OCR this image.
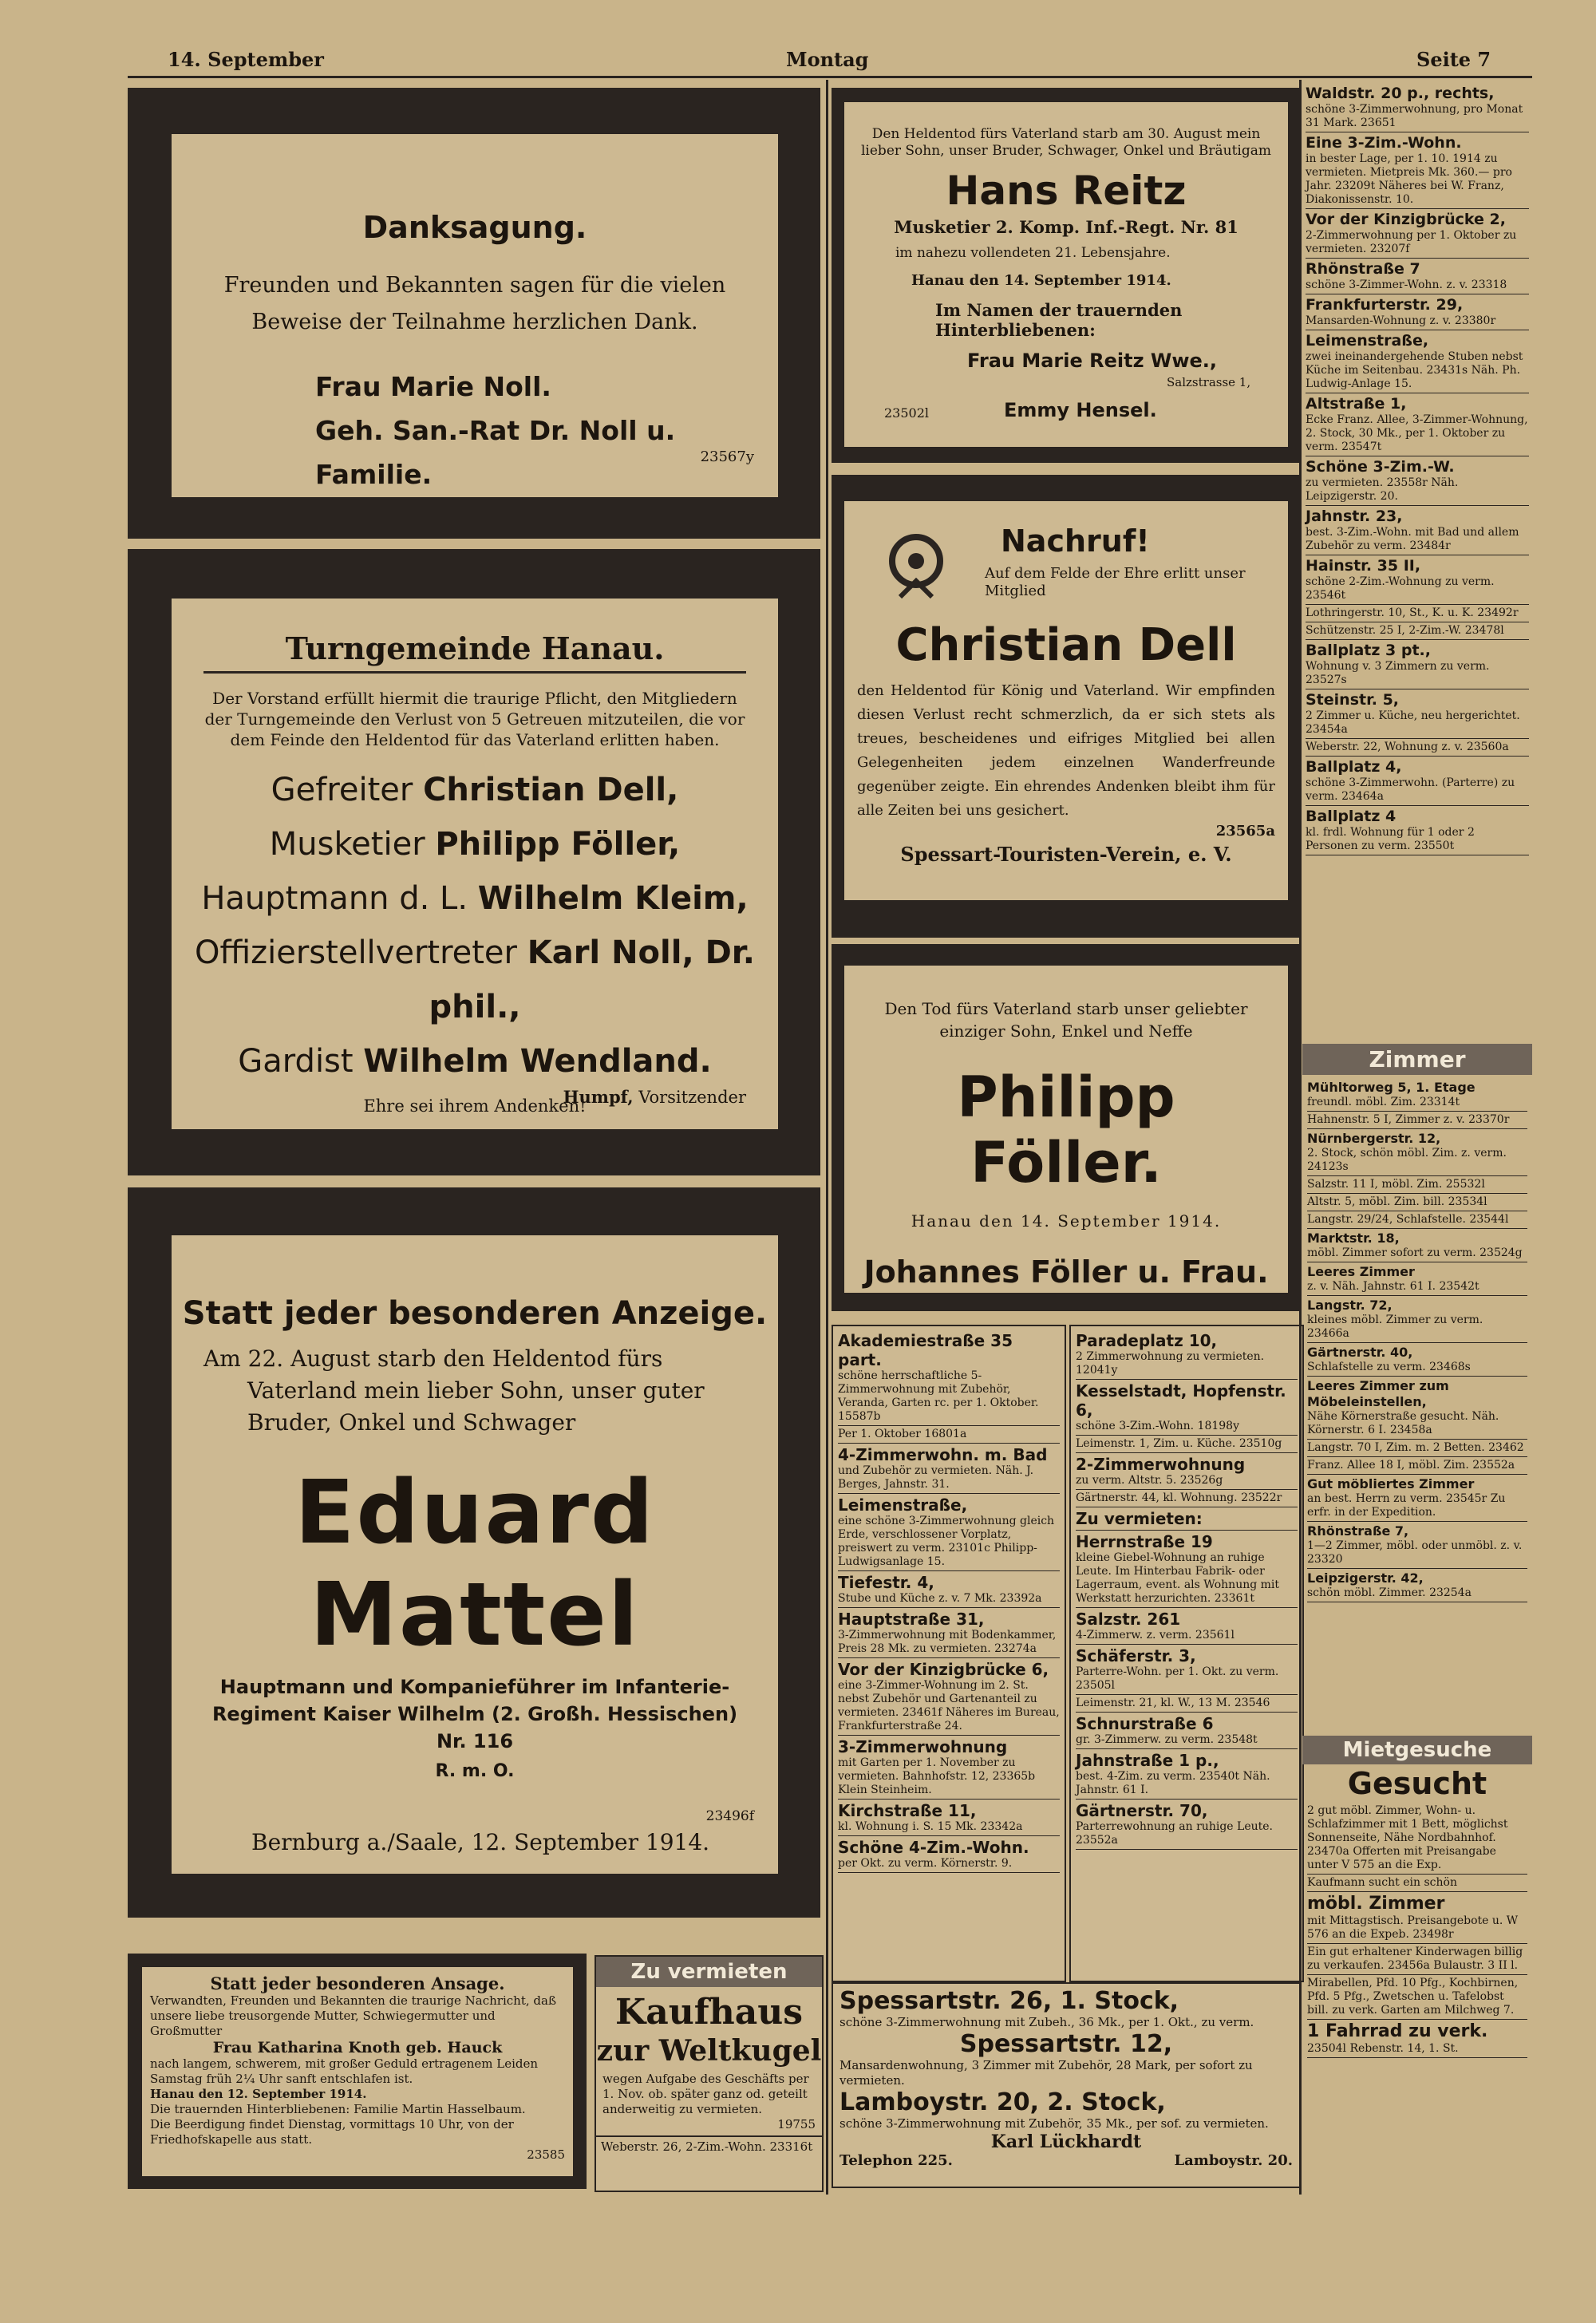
14. September	Montag	Seite 7
Danksagung.

Freunden und Bekannten sagen für die vielen Beweise der Teilnahme herzlichen Dank.

Frau Marie Noll.
Geh. San.-Rat Dr. Noll u. Familie.
23567y
Turngemeinde Hanau.

Der Vorstand erfüllt hiermit die traurige Pflicht, den Mitgliedern der Turngemeinde den Verlust von 5 Getreuen mitzuteilen, die vor dem Feinde den Heldentod für das Vaterland erlitten haben.

Gefreiter Christian Dell,
Musketier Philipp Föller,
Hauptmann d. L. Wilhelm Kleim,
Offizierstellvertreter Karl Noll, Dr. phil.,
Gardist Wilhelm Wendland.
Ehre sei ihrem Andenken!
Humpf, Vorsitzender
Statt jeder besonderen Anzeige.

Am 22. August starb den Heldentod fürs Vaterland mein lieber Sohn, unser guter Bruder, Onkel und Schwager

Eduard Mattel

Hauptmann und Kompanieführer im Infanterie-Regiment Kaiser Wilhelm (2. Großh. Hessischen) Nr. 116

R. m. O.
Bernburg a./Saale, 12. September 1914.
23496f
Statt jeder besonderen Ansage.

Verwandten, Freunden und Bekannten die traurige Nachricht, daß unsere liebe treusorgende Mutter, Schwiegermutter und Großmutter

Frau Katharina Knoth geb. Hauck

nach langem, schwerem, mit großer Geduld ertragenem Leiden Samstag früh 2¼ Uhr sanft entschlafen ist.

Hanau den 12. September 1914.

Die trauernden Hinterbliebenen: Familie Martin Hasselbaum.

Die Beerdigung findet Dienstag, vormittags 10 Uhr, von der Friedhofskapelle aus statt.

23585
Zu vermieten
Kaufhaus
zur Weltkugel

wegen Aufgabe des Geschäfts per 1. Nov. ob. später ganz od. geteilt anderweitig zu vermieten.

19755
Weberstr. 26, 2-Zim.-Wohn. 23316t

Den Heldentod fürs Vaterland starb am 30. August mein lieber Sohn, unser Bruder, Schwager, Onkel und Bräutigam

Hans Reitz
Musketier 2. Komp. Inf.-Regt. Nr. 81
im nahezu vollendeten 21. Lebensjahre.
Hanau den 14. September 1914.
Im Namen der trauernden Hinterbliebenen:
Frau Marie Reitz Wwe.,
Salzstrasse 1,
23502l	Emmy Hensel.
Nachruf!
Auf dem Felde der Ehre erlitt unser Mitglied
Christian Dell

den Heldentod für König und Vaterland. Wir empfinden diesen Verlust recht schmerzlich, da er sich stets als treues, bescheidenes und eifriges Mitglied bei allen Gelegenheiten jedem einzelnen Wanderfreunde gegenüber zeigte. Ein ehrendes Andenken bleibt ihm für alle Zeiten bei uns gesichert.

23565a
Spessart-Touristen-Verein, e. V.

Den Tod fürs Vaterland starb unser geliebter einziger Sohn, Enkel und Neffe

Philipp Föller.
Hanau den 14. September 1914.
Johannes Föller u. Frau.
Akademiestraße 35 part.
schöne herrschaftliche 5-Zimmerwohnung mit Zubehör, Veranda, Garten rc. per 1. Oktober. 15587b
Per 1. Oktober 16801a
4-Zimmerwohn. m. Bad
und Zubehör zu vermieten. Näh. J. Berges, Jahnstr. 31.
Leimenstraße,
eine schöne 3-Zimmerwohnung gleich Erde, verschlossener Vorplatz, preiswert zu verm. 23101c Philipp-Ludwigsanlage 15.
Tiefestr. 4,
Stube und Küche z. v. 7 Mk. 23392a
Hauptstraße 31,
3-Zimmerwohnung mit Bodenkammer, Preis 28 Mk. zu vermieten. 23274a
Vor der Kinzigbrücke 6,
eine 3-Zimmer-Wohnung im 2. St. nebst Zubehör und Gartenanteil zu vermieten. 23461f Näheres im Bureau, Frankfurterstraße 24.
3-Zimmerwohnung
mit Garten per 1. November zu vermieten. Bahnhofstr. 12, 23365b Klein Steinheim.
Kirchstraße 11,
kl. Wohnung i. S. 15 Mk. 23342a
Schöne 4-Zim.-Wohn.
per Okt. zu verm. Körnerstr. 9.
Paradeplatz 10,
2 Zimmerwohnung zu vermieten. 12041y
Kesselstadt, Hopfenstr. 6,
schöne 3-Zim.-Wohn. 18198y
Leimenstr. 1, Zim. u. Küche. 23510g
2-Zimmerwohnung
zu verm. Altstr. 5. 23526g
Gärtnerstr. 44, kl. Wohnung. 23522r
Zu vermieten:
Herrnstraße 19
kleine Giebel-Wohnung an ruhige Leute. Im Hinterbau Fabrik- oder Lagerraum, event. als Wohnung mit Werkstatt herzurichten. 23361t
Salzstr. 261
4-Zimmerw. z. verm. 23561l
Schäferstr. 3,
Parterre-Wohn. per 1. Okt. zu verm. 23505l
Leimenstr. 21, kl. W., 13 M. 23546
Schnurstraße 6
gr. 3-Zimmerw. zu verm. 23548t
Jahnstraße 1 p.,
best. 4-Zim. zu verm. 23540t Näh. Jahnstr. 61 I.
Gärtnerstr. 70,
Parterrewohnung an ruhige Leute. 23552a
Spessartstr. 26, 1. Stock,
schöne 3-Zimmerwohnung mit Zubeh., 36 Mk., per 1. Okt., zu verm.
Spessartstr. 12,
Mansardenwohnung, 3 Zimmer mit Zubehör, 28 Mark, per sofort zu vermieten.
Lamboystr. 20, 2. Stock,
schöne 3-Zimmerwohnung mit Zubehör, 35 Mk., per sof. zu vermieten.
Karl Lückhardt
Telephon 225.	Lamboystr. 20.
Waldstr. 20 p., rechts,
schöne 3-Zimmerwohnung, pro Monat 31 Mark. 23651
Eine 3-Zim.-Wohn.
in bester Lage, per 1. 10. 1914 zu vermieten. Mietpreis Mk. 360.— pro Jahr. 23209t Näheres bei W. Franz, Diakonissenstr. 10.
Vor der Kinzigbrücke 2,
2-Zimmerwohnung per 1. Oktober zu vermieten. 23207f
Rhönstraße 7
schöne 3-Zimmer-Wohn. z. v. 23318
Frankfurterstr. 29,
Mansarden-Wohnung z. v. 23380r
Leimenstraße,
zwei ineinandergehende Stuben nebst Küche im Seitenbau. 23431s Näh. Ph. Ludwig-Anlage 15.
Altstraße 1,
Ecke Franz. Allee, 3-Zimmer-Wohnung, 2. Stock, 30 Mk., per 1. Oktober zu verm. 23547t
Schöne 3-Zim.-W.
zu vermieten. 23558r Näh. Leipzigerstr. 20.
Jahnstr. 23,
best. 3-Zim.-Wohn. mit Bad und allem Zubehör zu verm. 23484r
Hainstr. 35 II,
schöne 2-Zim.-Wohnung zu verm. 23546t
Lothringerstr. 10, St., K. u. K. 23492r
Schützenstr. 25 I, 2-Zim.-W. 23478l
Ballplatz 3 pt.,
Wohnung v. 3 Zimmern zu verm. 23527s
Steinstr. 5,
2 Zimmer u. Küche, neu hergerichtet. 23454a
Weberstr. 22, Wohnung z. v. 23560a
Ballplatz 4,
schöne 3-Zimmerwohn. (Parterre) zu verm. 23464a
Ballplatz 4
kl. frdl. Wohnung für 1 oder 2 Personen zu verm. 23550t
Zimmer
Mühltorweg 5, 1. Etage
freundl. möbl. Zim. 23314t
Hahnenstr. 5 I, Zimmer z. v. 23370r
Nürnbergerstr. 12,
2. Stock, schön möbl. Zim. z. verm. 24123s
Salzstr. 11 I, möbl. Zim. 25532l
Altstr. 5, möbl. Zim. bill. 23534l
Langstr. 29/24, Schlafstelle. 23544l
Marktstr. 18,
möbl. Zimmer sofort zu verm. 23524g
Leeres Zimmer
z. v. Näh. Jahnstr. 61 I. 23542t
Langstr. 72,
kleines möbl. Zimmer zu verm. 23466a
Gärtnerstr. 40,
Schlafstelle zu verm. 23468s
Leeres Zimmer zum Möbeleinstellen,
Nähe Körnerstraße gesucht. Näh. Körnerstr. 6 I. 23458a
Langstr. 70 I, Zim. m. 2 Betten. 23462
Franz. Allee 18 I, möbl. Zim. 23552a
Gut möbliertes Zimmer
an best. Herrn zu verm. 23545r Zu erfr. in der Expedition.
Rhönstraße 7,
1—2 Zimmer, möbl. oder unmöbl. z. v. 23320
Leipzigerstr. 42,
schön möbl. Zimmer. 23254a
Mietgesuche
Gesucht
2 gut möbl. Zimmer, Wohn- u. Schlafzimmer mit 1 Bett, möglichst Sonnenseite, Nähe Nordbahnhof. 23470a Offerten mit Preisangabe unter V 575 an die Exp.
Kaufmann sucht ein schön
möbl. Zimmer
mit Mittagstisch. Preisangebote u. W 576 an die Expeb. 23498r
Ein gut erhaltener Kinderwagen billig zu verkaufen. 23456a Bulaustr. 3 II l.
Mirabellen, Pfd. 10 Pfg., Kochbirnen, Pfd. 5 Pfg., Zwetschen u. Tafelobst bill. zu verk. Garten am Milchweg 7.
1 Fahrrad zu verk.
23504l Rebenstr. 14, 1. St.
